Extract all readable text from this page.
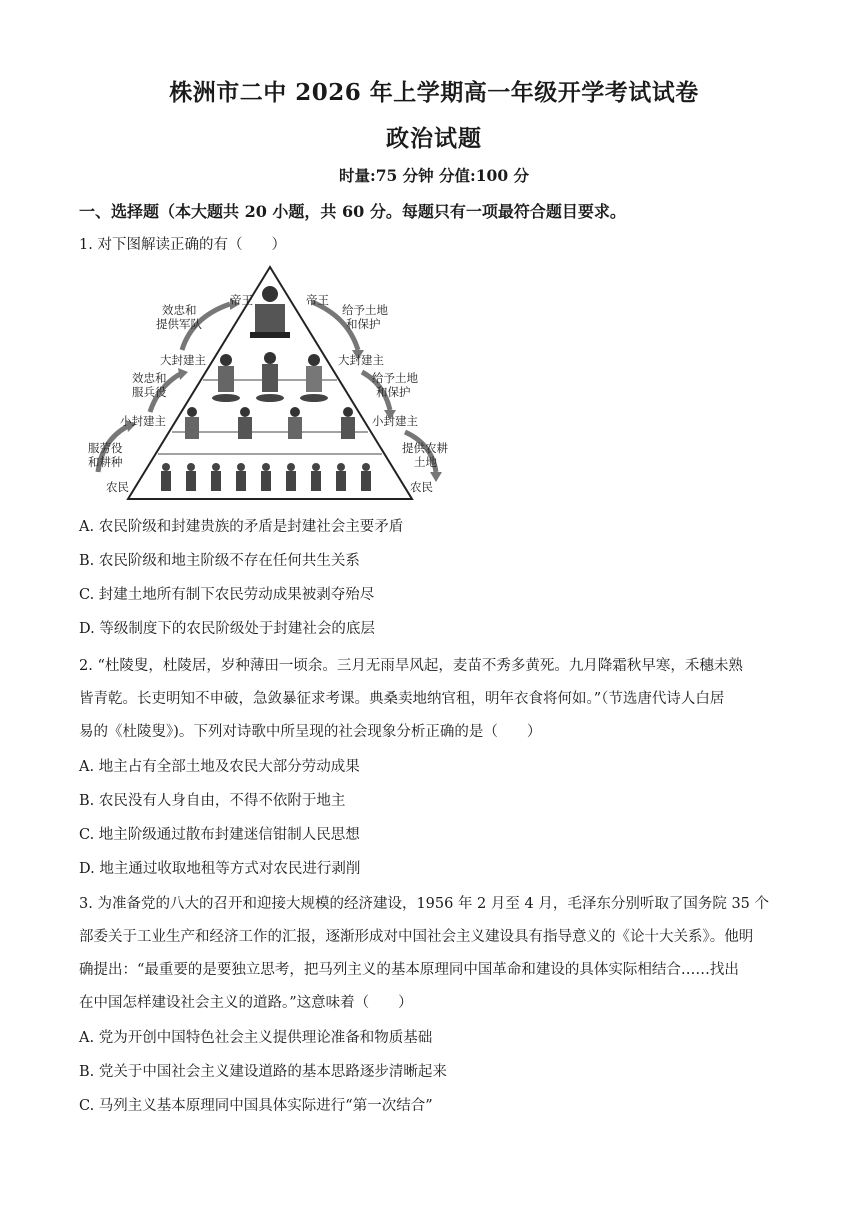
株洲市二中 2026 年上学期高一年级开学考试试卷
政治试题
时量:75 分钟 分值:100 分
一、选择题（本大题共 20 小题，共 60 分。每题只有一项最符合题目要求。
1. 对下图解读正确的有（　　）
帝王
效忠和
提供军队
大封建主
效忠和
服兵役
小封建主
服劳役
和耕种
农民
帝王
给予土地
和保护
大封建主
给予土地
和保护
小封建主
提供农耕
土地
农民
A. 农民阶级和封建贵族的矛盾是封建社会主要矛盾
B. 农民阶级和地主阶级不存在任何共生关系
C. 封建土地所有制下农民劳动成果被剥夺殆尽
D. 等级制度下的农民阶级处于封建社会的底层
2. “杜陵叟，杜陵居，岁种薄田一顷余。三月无雨旱风起，麦苗不秀多黄死。九月降霜秋早寒，禾穗未熟
皆青乾。长吏明知不申破，急敛暴征求考课。典桑卖地纳官租，明年衣食将何如。”（节选唐代诗人白居
易的《杜陵叟》)。下列对诗歌中所呈现的社会现象分析正确的是（　　）
A. 地主占有全部土地及农民大部分劳动成果
B. 农民没有人身自由，不得不依附于地主
C. 地主阶级通过散布封建迷信钳制人民思想
D. 地主通过收取地租等方式对农民进行剥削
3. 为准备党的八大的召开和迎接大规模的经济建设，1956 年 2 月至 4 月，毛泽东分别听取了国务院 35 个
部委关于工业生产和经济工作的汇报，逐渐形成对中国社会主义建设具有指导意义的《论十大关系》。他明
确提出：“最重要的是要独立思考，把马列主义的基本原理同中国革命和建设的具体实际相结合……找出
在中国怎样建设社会主义的道路。”这意味着（　　）
A. 党为开创中国特色社会主义提供理论准备和物质基础
B. 党关于中国社会主义建设道路的基本思路逐步清晰起来
C. 马列主义基本原理同中国具体实际进行“第一次结合”
